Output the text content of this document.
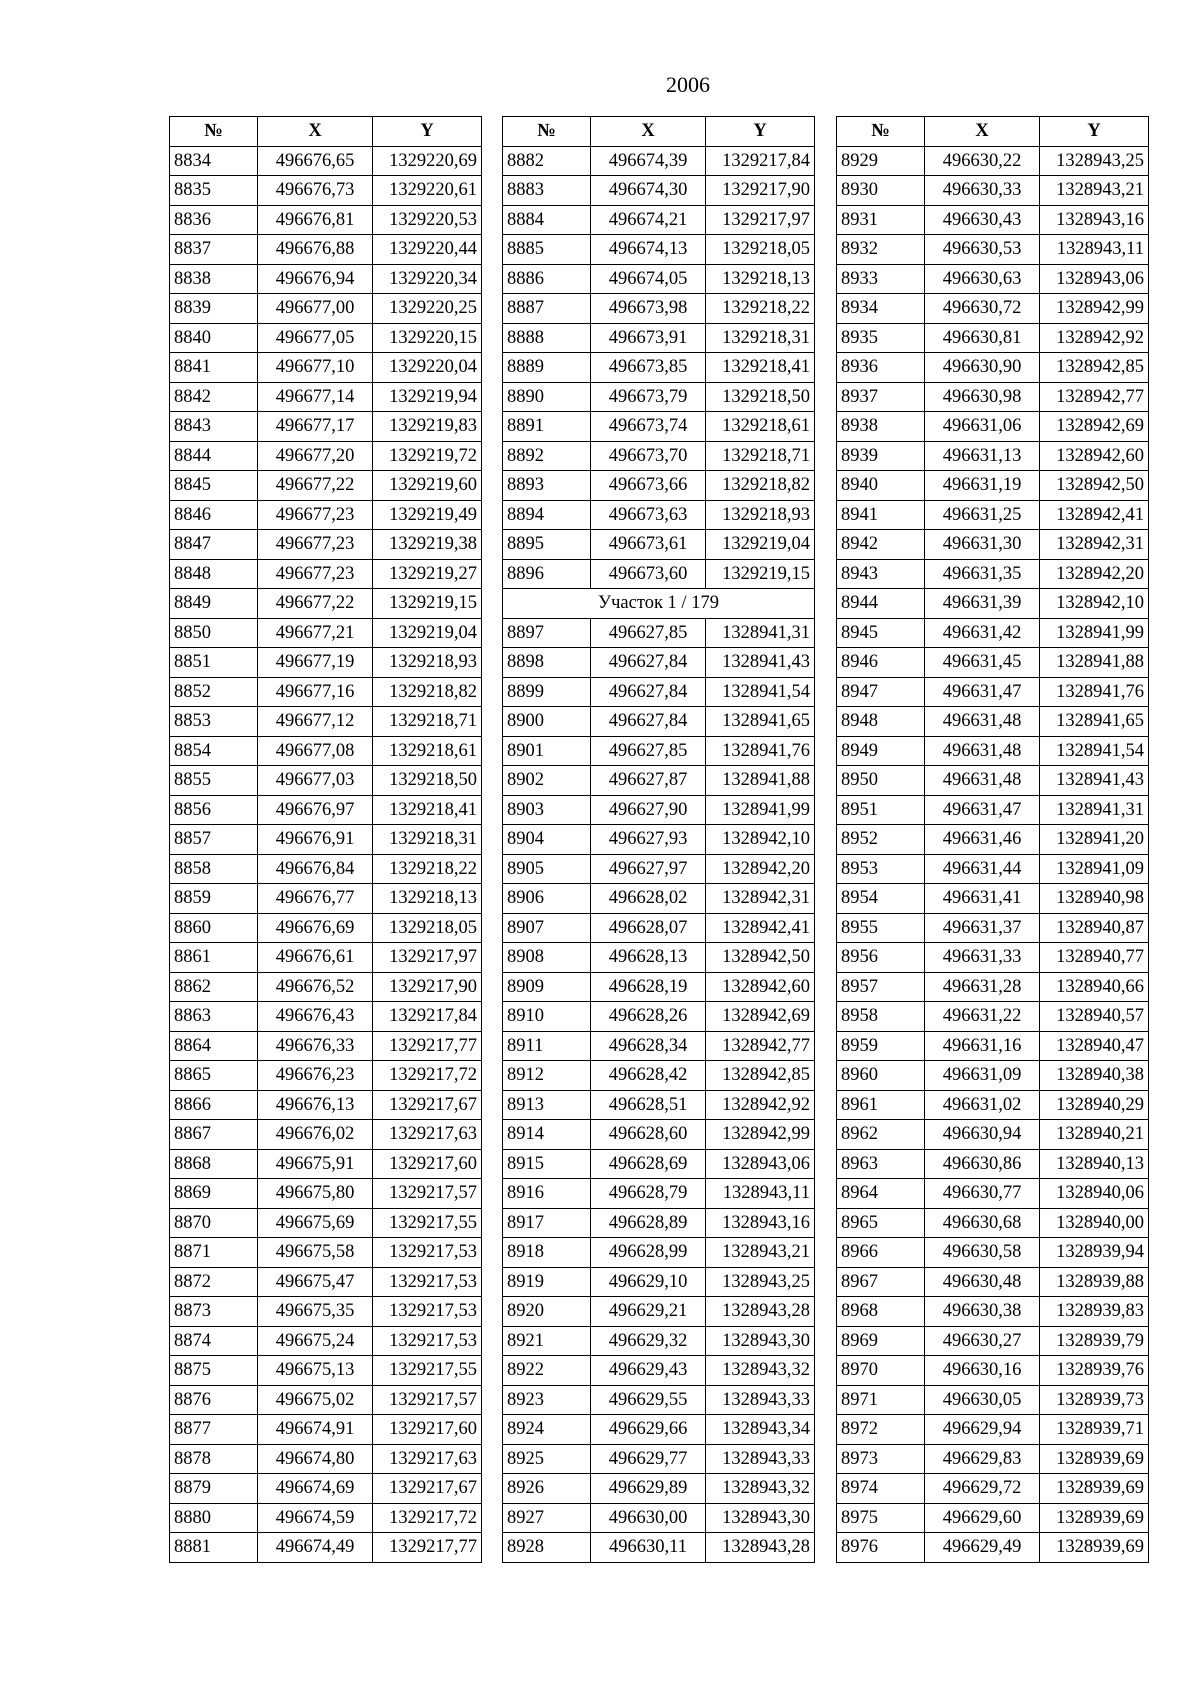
2006
№	X	Y
8834	496676,65	1329220,69
8835	496676,73	1329220,61
8836	496676,81	1329220,53
8837	496676,88	1329220,44
8838	496676,94	1329220,34
8839	496677,00	1329220,25
8840	496677,05	1329220,15
8841	496677,10	1329220,04
8842	496677,14	1329219,94
8843	496677,17	1329219,83
8844	496677,20	1329219,72
8845	496677,22	1329219,60
8846	496677,23	1329219,49
8847	496677,23	1329219,38
8848	496677,23	1329219,27
8849	496677,22	1329219,15
8850	496677,21	1329219,04
8851	496677,19	1329218,93
8852	496677,16	1329218,82
8853	496677,12	1329218,71
8854	496677,08	1329218,61
8855	496677,03	1329218,50
8856	496676,97	1329218,41
8857	496676,91	1329218,31
8858	496676,84	1329218,22
8859	496676,77	1329218,13
8860	496676,69	1329218,05
8861	496676,61	1329217,97
8862	496676,52	1329217,90
8863	496676,43	1329217,84
8864	496676,33	1329217,77
8865	496676,23	1329217,72
8866	496676,13	1329217,67
8867	496676,02	1329217,63
8868	496675,91	1329217,60
8869	496675,80	1329217,57
8870	496675,69	1329217,55
8871	496675,58	1329217,53
8872	496675,47	1329217,53
8873	496675,35	1329217,53
8874	496675,24	1329217,53
8875	496675,13	1329217,55
8876	496675,02	1329217,57
8877	496674,91	1329217,60
8878	496674,80	1329217,63
8879	496674,69	1329217,67
8880	496674,59	1329217,72
8881	496674,49	1329217,77
№	X	Y
8882	496674,39	1329217,84
8883	496674,30	1329217,90
8884	496674,21	1329217,97
8885	496674,13	1329218,05
8886	496674,05	1329218,13
8887	496673,98	1329218,22
8888	496673,91	1329218,31
8889	496673,85	1329218,41
8890	496673,79	1329218,50
8891	496673,74	1329218,61
8892	496673,70	1329218,71
8893	496673,66	1329218,82
8894	496673,63	1329218,93
8895	496673,61	1329219,04
8896	496673,60	1329219,15
Участок 1 / 179		
8897	496627,85	1328941,31
8898	496627,84	1328941,43
8899	496627,84	1328941,54
8900	496627,84	1328941,65
8901	496627,85	1328941,76
8902	496627,87	1328941,88
8903	496627,90	1328941,99
8904	496627,93	1328942,10
8905	496627,97	1328942,20
8906	496628,02	1328942,31
8907	496628,07	1328942,41
8908	496628,13	1328942,50
8909	496628,19	1328942,60
8910	496628,26	1328942,69
8911	496628,34	1328942,77
8912	496628,42	1328942,85
8913	496628,51	1328942,92
8914	496628,60	1328942,99
8915	496628,69	1328943,06
8916	496628,79	1328943,11
8917	496628,89	1328943,16
8918	496628,99	1328943,21
8919	496629,10	1328943,25
8920	496629,21	1328943,28
8921	496629,32	1328943,30
8922	496629,43	1328943,32
8923	496629,55	1328943,33
8924	496629,66	1328943,34
8925	496629,77	1328943,33
8926	496629,89	1328943,32
8927	496630,00	1328943,30
8928	496630,11	1328943,28
№	X	Y
8929	496630,22	1328943,25
8930	496630,33	1328943,21
8931	496630,43	1328943,16
8932	496630,53	1328943,11
8933	496630,63	1328943,06
8934	496630,72	1328942,99
8935	496630,81	1328942,92
8936	496630,90	1328942,85
8937	496630,98	1328942,77
8938	496631,06	1328942,69
8939	496631,13	1328942,60
8940	496631,19	1328942,50
8941	496631,25	1328942,41
8942	496631,30	1328942,31
8943	496631,35	1328942,20
8944	496631,39	1328942,10
8945	496631,42	1328941,99
8946	496631,45	1328941,88
8947	496631,47	1328941,76
8948	496631,48	1328941,65
8949	496631,48	1328941,54
8950	496631,48	1328941,43
8951	496631,47	1328941,31
8952	496631,46	1328941,20
8953	496631,44	1328941,09
8954	496631,41	1328940,98
8955	496631,37	1328940,87
8956	496631,33	1328940,77
8957	496631,28	1328940,66
8958	496631,22	1328940,57
8959	496631,16	1328940,47
8960	496631,09	1328940,38
8961	496631,02	1328940,29
8962	496630,94	1328940,21
8963	496630,86	1328940,13
8964	496630,77	1328940,06
8965	496630,68	1328940,00
8966	496630,58	1328939,94
8967	496630,48	1328939,88
8968	496630,38	1328939,83
8969	496630,27	1328939,79
8970	496630,16	1328939,76
8971	496630,05	1328939,73
8972	496629,94	1328939,71
8973	496629,83	1328939,69
8974	496629,72	1328939,69
8975	496629,60	1328939,69
8976	496629,49	1328939,69
